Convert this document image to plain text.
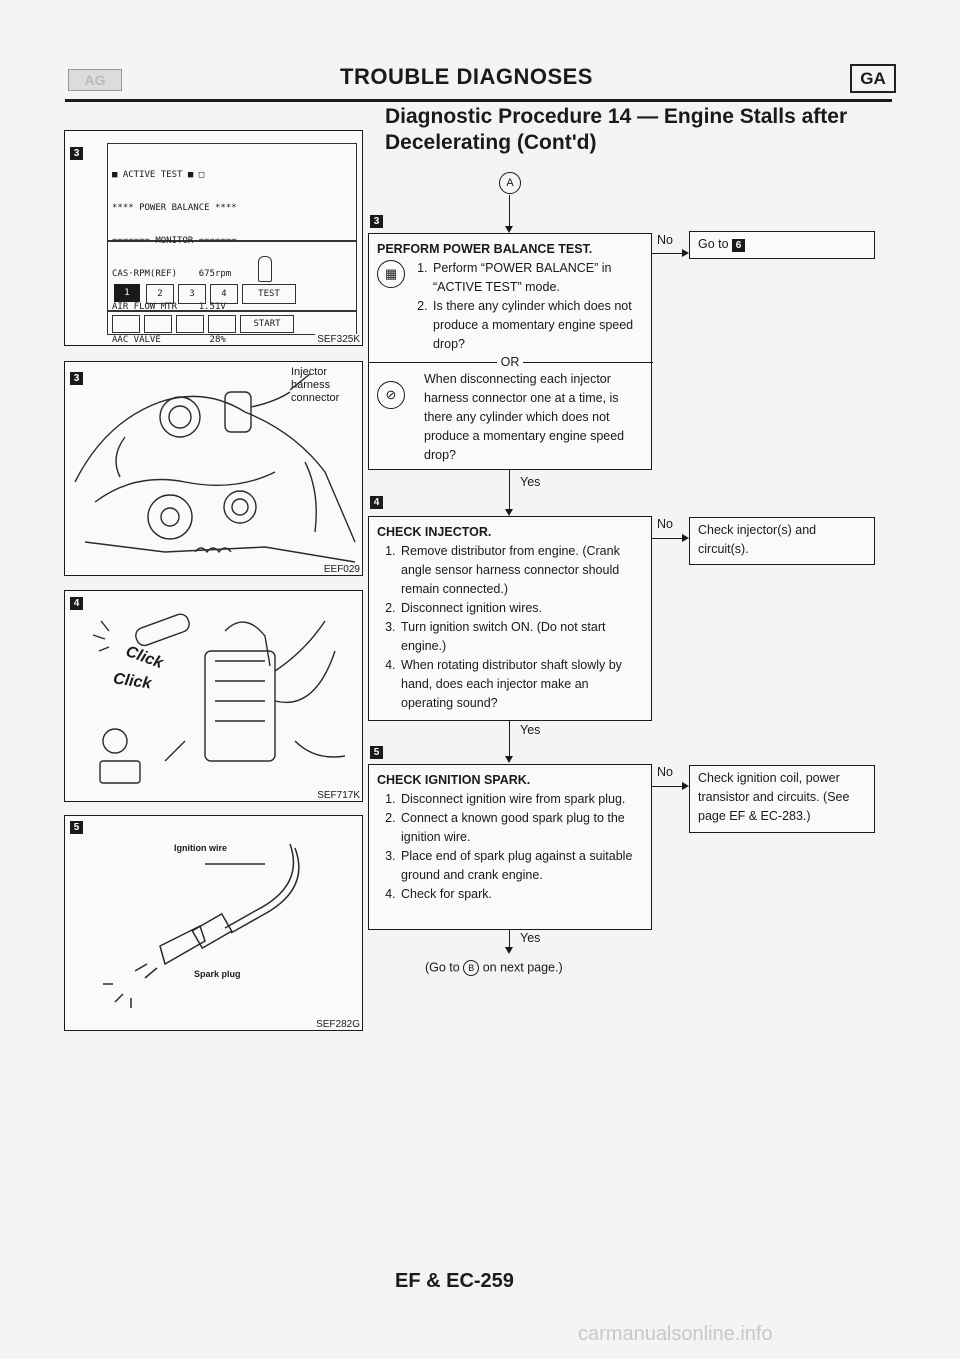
AG	TROUBLE DIAGNOSES	GA
Diagnostic Procedure 14 — Engine Stalls after
Decelerating (Cont'd)
3

■ ACTIVE TEST ■ □

**** POWER BALANCE ****

======= MONITOR =======

CAS·RPM(REF)    675rpm

AIR FLOW MTR    1.51V

AAC VALVE         28%

1	2	3	4	TEST
START
SEF325K
3
Injector
harness
connector
EEF029
4
Click
Click
SEF717K
5
Ignition wire
Spark plug
SEF282G
A
3
PERFORM POWER BALANCE TEST.
▦
1.	Perform “POWER BALANCE” in “ACTIVE TEST” mode.
2. Is there any cylinder which does not produce a momentary engine speed drop?
OR
⊘
When disconnecting each injector harness connector one at a time, is there any cylinder which does not produce a momentary engine speed drop?
No	Go to 6
Yes
4
CHECK INJECTOR.
1. Remove distributor from engine. (Crank angle sensor harness connector should remain connected.)
2. Disconnect ignition wires.
3. Turn ignition switch ON. (Do not start engine.)
4. When rotating distributor shaft slowly by hand, does each injector make an operating sound?
No	Check injector(s) and circuit(s).
Yes
5
CHECK IGNITION SPARK.
1. Disconnect ignition wire from spark plug.
2. Connect a known good spark plug to the ignition wire.
3. Place end of spark plug against a suitable ground and crank engine.
4. Check for spark.
No	Check ignition coil, power transistor and circuits. (See page EF & EC-283.)
Yes
(Go to B on next page.)
EF & EC-259
carmanualsonline.info
